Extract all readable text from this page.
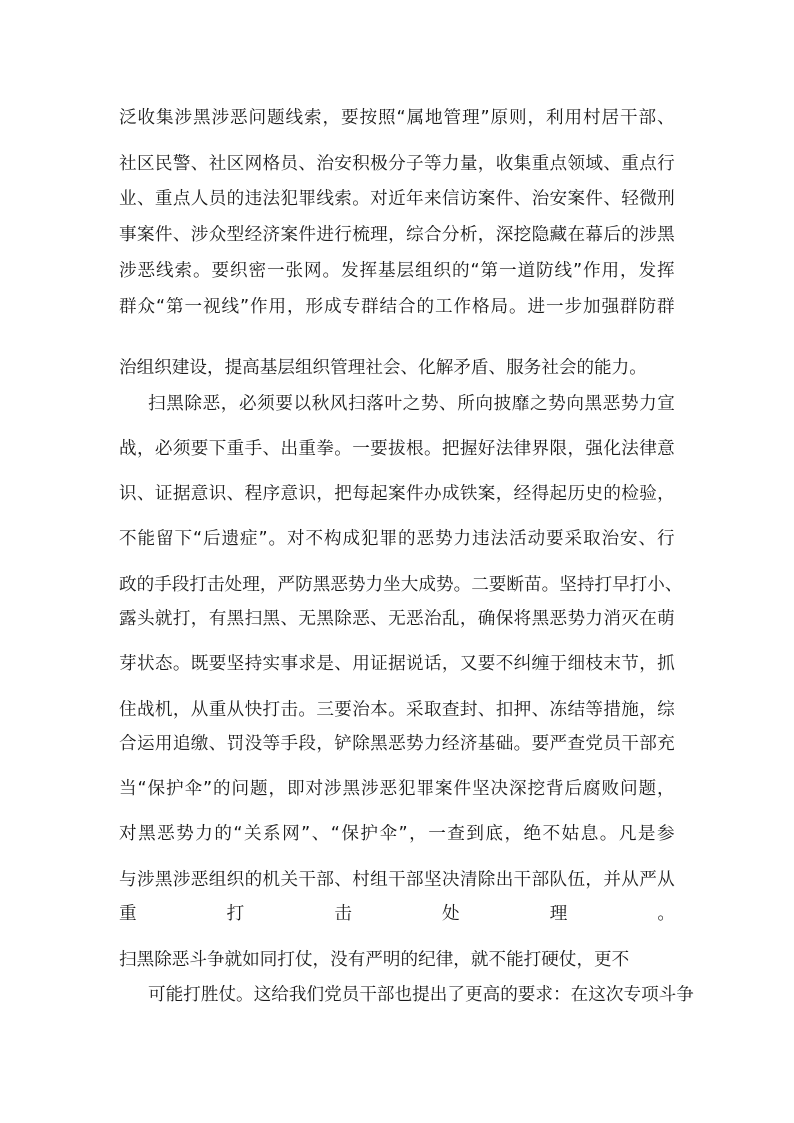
泛 收 集 涉 黑 涉 恶 问 题 线 索 ， 要 按 照 “ 属 地 管 理 ” 原 则 ， 利 用 村 居 干 部 、
社 区 民 警 、 社 区 网 格 员 、 治 安 积 极 分 子 等 力 量 ， 收 集 重 点 领 域 、 重 点 行
业 、 重 点 人 员 的 违 法 犯 罪 线 索 。 对 近 年 来 信 访 案 件 、 治 安 案 件 、 轻 微 刑
事 案 件 、 涉 众 型 经 济 案 件 进 行 梳 理 ， 综 合 分 析 ， 深 挖 隐 藏 在 幕 后 的 涉 黑
涉 恶 线 索 。 要 织 密 一 张 网 。 发 挥 基 层 组 织 的 “ 第 一 道 防 线 ” 作 用 ， 发 挥
群 众 “ 第 一 视 线 ” 作 用 ， 形 成 专 群 结 合 的 工 作 格 局 。 进 一 步 加 强 群 防 群
治组织建设，提高基层组织管理社会、化解矛盾、服务社会的能力。
扫 黑 除 恶 ， 必 须 要 以 秋 风 扫 落 叶 之 势 、 所 向 披 靡 之 势 向 黑 恶 势 力 宣
战 ， 必 须 要 下 重 手 、 出 重 拳 。 一 要 拔 根 。 把 握 好 法 律 界 限 ， 强 化 法 律 意
识 、 证 据 意 识 、 程 序 意 识 ， 把 每 起 案 件 办 成 铁 案 ， 经 得 起 历 史 的 检 验 ，
不 能 留 下 “ 后 遗 症 ” 。 对 不 构 成 犯 罪 的 恶 势 力 违 法 活 动 要 采 取 治 安 、 行
政 的 手 段 打 击 处 理 ， 严 防 黑 恶 势 力 坐 大 成 势 。 二 要 断 苗 。 坚 持 打 早 打 小 、
露 头 就 打 ， 有 黑 扫 黑 、 无 黑 除 恶 、 无 恶 治 乱 ， 确 保 将 黑 恶 势 力 消 灭 在 萌
芽 状 态 。 既 要 坚 持 实 事 求 是 、 用 证 据 说 话 ， 又 要 不 纠 缠 于 细 枝 末 节 ， 抓
住 战 机 ， 从 重 从 快 打 击 。 三 要 治 本 。 采 取 查 封 、 扣 押 、 冻 结 等 措 施 ， 综
合 运 用 追 缴 、 罚 没 等 手 段 ， 铲 除 黑 恶 势 力 经 济 基 础 。 要 严 查 党 员 干 部 充
当 “ 保 护 伞 ” 的 问 题 ， 即 对 涉 黑 涉 恶 犯 罪 案 件 坚 决 深 挖 背 后 腐 败 问 题 ，
对 黑 恶 势 力 的 “ 关 系 网 ” 、 “ 保 护 伞 ” ， 一 查 到 底 ， 绝 不 姑 息 。 凡 是 参
与 涉 黑 涉 恶 组 织 的 机 关 干 部 、 村 组 干 部 坚 决 清 除 出 干 部 队 伍 ， 并 从 严 从
重	打	击	处	理	。
扫黑除恶斗争就如同打仗，没有严明的纪律，就不能打硬仗，更不
可 能 打 胜 仗 。 这 给 我 们 党 员 干 部 也 提 出 了 更 高 的 要 求 ： 在 这 次 专 项 斗 争
